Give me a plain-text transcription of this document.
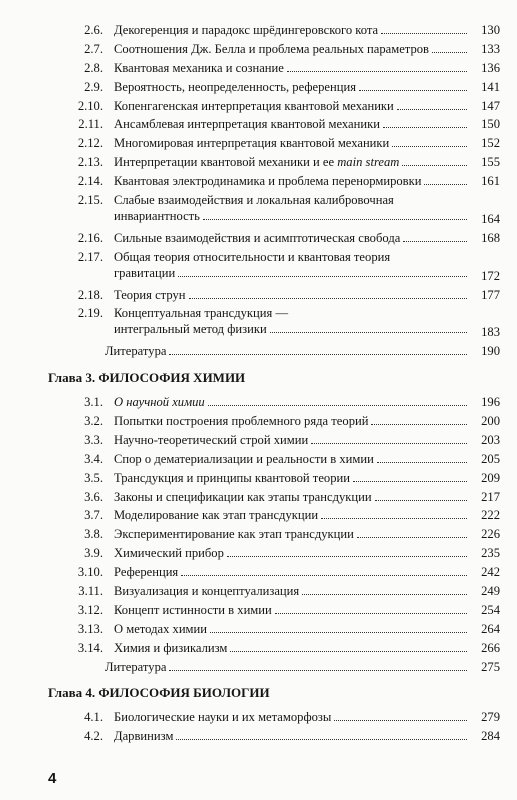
2.6. Декогеренция и парадокс шрёдингеровского кота	130
2.7. Соотношения Дж. Белла и проблема реальных параметров	133
2.8. Квантовая механика и сознание	136
2.9. Вероятность, неопределенность, референция	141
2.10. Копенгагенская интерпретация квантовой механики	147
2.11. Ансамблевая интерпретация квантовой механики	150
2.12. Многомировая интерпретация квантовой механики	152
2.13. Интерпретации квантовой механики и ее main stream	155
2.14. Квантовая электродинамика и проблема перенормировки	161
2.15. Слабые взаимодействия и локальная калибровочная
инвариантность	164
2.16. Сильные взаимодействия и асимптотическая свобода	168
2.17. Общая теория относительности и квантовая теория
гравитации	172
2.18. Теория струн	177
2.19. Концептуальная трансдукция —
интегральный метод физики	183
Литература	190
Глава 3. ФИЛОСОФИЯ ХИМИИ
3.1. О научной химии	196
3.2. Попытки построения проблемного ряда теорий	200
3.3. Научно-теоретический строй химии	203
3.4. Спор о дематериализации и реальности в химии	205
3.5. Трансдукция и принципы квантовой теории	209
3.6. Законы и спецификации как этапы трансдукции	217
3.7. Моделирование как этап трансдукции	222
3.8. Экспериментирование как этап трансдукции	226
3.9. Химический прибор	235
3.10. Референция	242
3.11. Визуализация и концептуализация	249
3.12. Концепт истинности в химии	254
3.13. О методах химии	264
3.14. Химия и физикализм	266
Литература	275
Глава 4. ФИЛОСОФИЯ БИОЛОГИИ
4.1. Биологические науки и их метаморфозы	279
4.2. Дарвинизм	284
4
